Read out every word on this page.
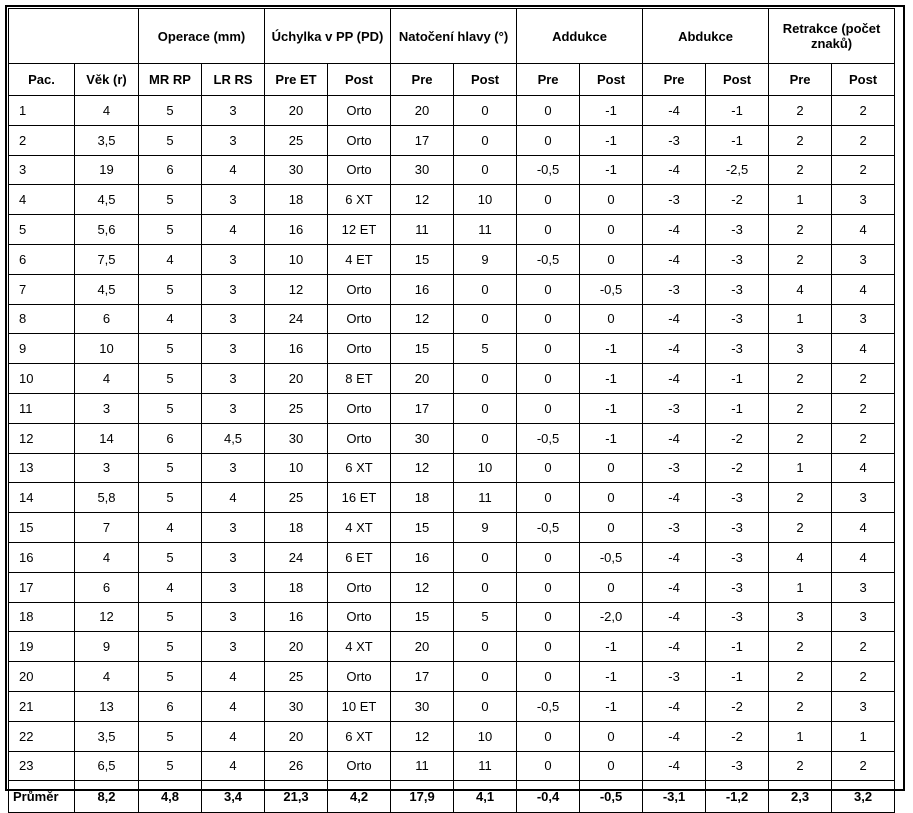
		Operace (mm)		Úchylka v PP (PD)		Natočení hlavy (°)		Addukce		Abdukce		Retrakce (počet znaků)	
Pac.	Věk (r)	MR RP	LR RS	Pre ET	Post	Pre	Post	Pre	Post	Pre	Post	Pre	Post
1	4	5	3	20	Orto	20	0	0	-1	-4	-1	2	2
2	3,5	5	3	25	Orto	17	0	0	-1	-3	-1	2	2
3	19	6	4	30	Orto	30	0	-0,5	-1	-4	-2,5	2	2
4	4,5	5	3	18	6 XT	12	10	0	0	-3	-2	1	3
5	5,6	5	4	16	12 ET	11	11	0	0	-4	-3	2	4
6	7,5	4	3	10	4 ET	15	9	-0,5	0	-4	-3	2	3
7	4,5	5	3	12	Orto	16	0	0	-0,5	-3	-3	4	4
8	6	4	3	24	Orto	12	0	0	0	-4	-3	1	3
9	10	5	3	16	Orto	15	5	0	-1	-4	-3	3	4
10	4	5	3	20	8 ET	20	0	0	-1	-4	-1	2	2
11	3	5	3	25	Orto	17	0	0	-1	-3	-1	2	2
12	14	6	4,5	30	Orto	30	0	-0,5	-1	-4	-2	2	2
13	3	5	3	10	6 XT	12	10	0	0	-3	-2	1	4
14	5,8	5	4	25	16 ET	18	11	0	0	-4	-3	2	3
15	7	4	3	18	4 XT	15	9	-0,5	0	-3	-3	2	4
16	4	5	3	24	6 ET	16	0	0	-0,5	-4	-3	4	4
17	6	4	3	18	Orto	12	0	0	0	-4	-3	1	3
18	12	5	3	16	Orto	15	5	0	-2,0	-4	-3	3	3
19	9	5	3	20	4 XT	20	0	0	-1	-4	-1	2	2
20	4	5	4	25	Orto	17	0	0	-1	-3	-1	2	2
21	13	6	4	30	10 ET	30	0	-0,5	-1	-4	-2	2	3
22	3,5	5	4	20	6 XT	12	10	0	0	-4	-2	1	1
23	6,5	5	4	26	Orto	11	11	0	0	-4	-3	2	2
Průměr	8,2	4,8	3,4	21,3	4,2	17,9	4,1	-0,4	-0,5	-3,1	-1,2	2,3	3,2
